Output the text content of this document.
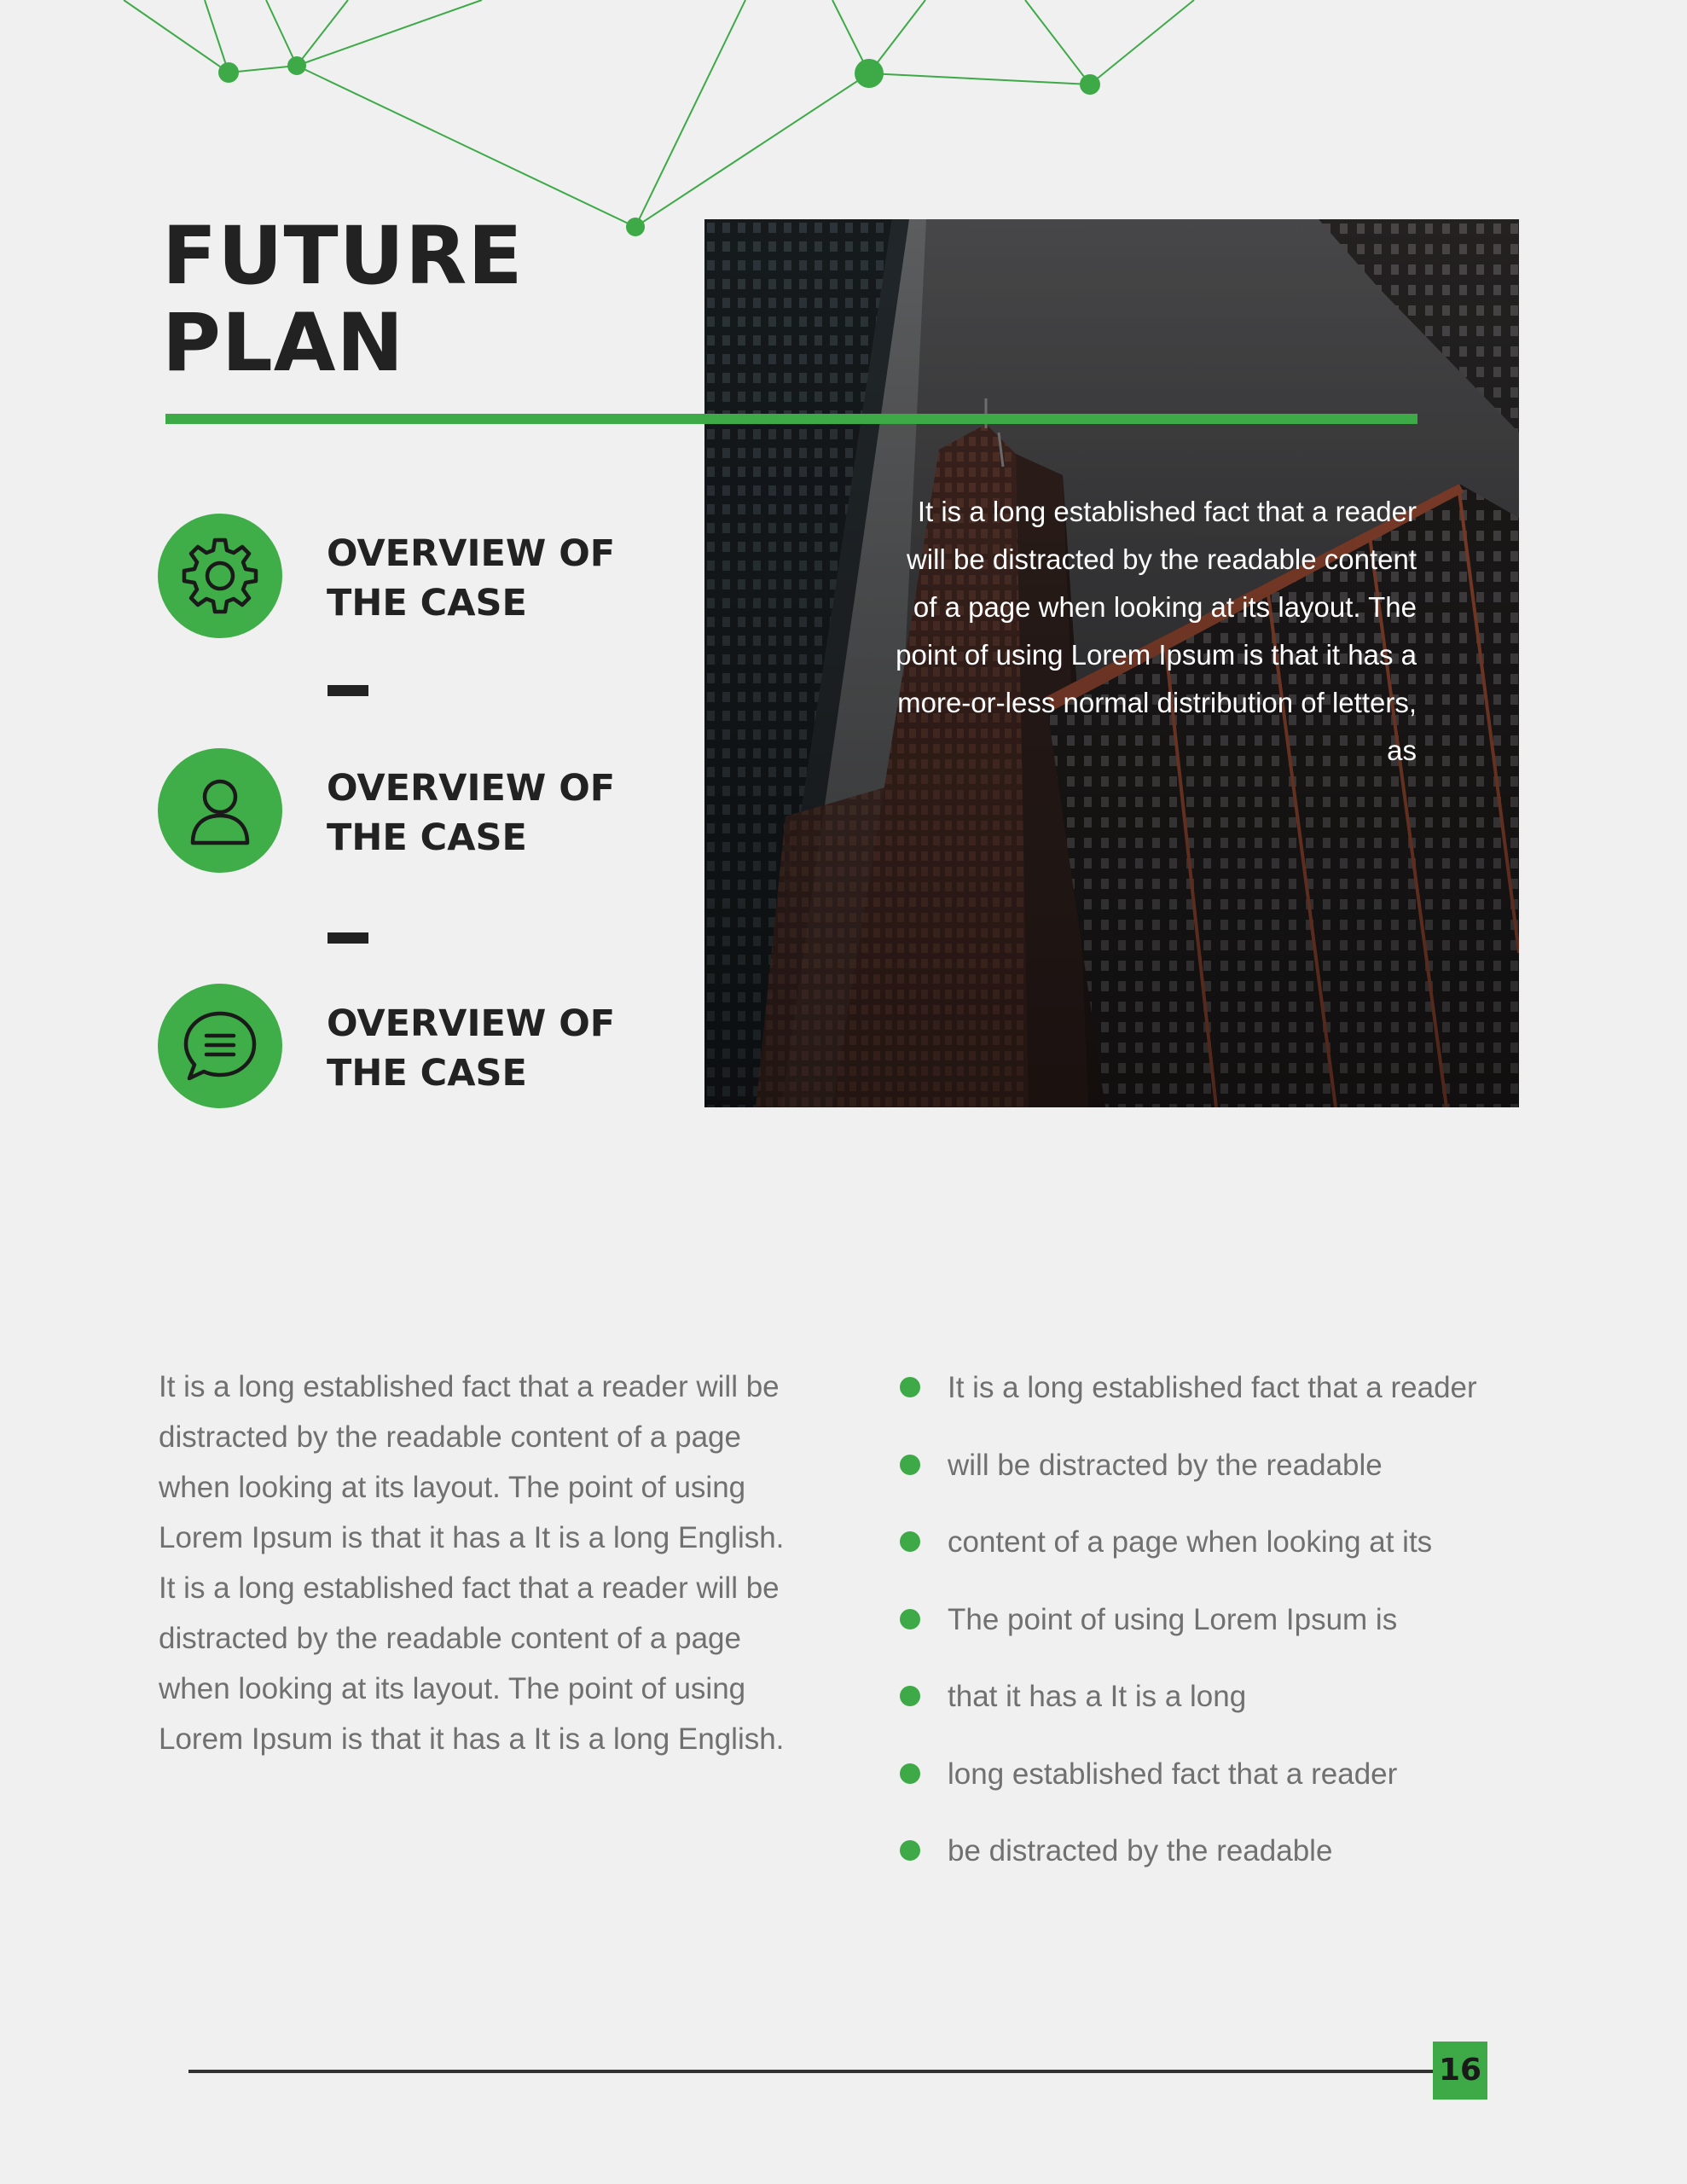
FUTURE
PLAN

It is a long established fact that a reader will be distracted by the readable content of a page when looking at its layout. The point of using Lorem Ipsum is that it has a more-or-less normal distribution of letters, as

OVERVIEW OF
THE CASE

OVERVIEW OF
THE CASE

OVERVIEW OF
THE CASE

It is a long established fact that a reader will be distracted by the readable content of a page when looking at its layout. The point of using Lorem Ipsum is that it has a It is a long English. It is a long established fact that a reader will be distracted by the readable content of a page when looking at its layout. The point of using Lorem Ipsum is that it has a It is a long English.

It is a long established fact that a reader
will be distracted by the readable
content of a page when looking at its
The point of using Lorem Ipsum is
that it has a It is a long
long established fact that a reader
be distracted by the readable
16
